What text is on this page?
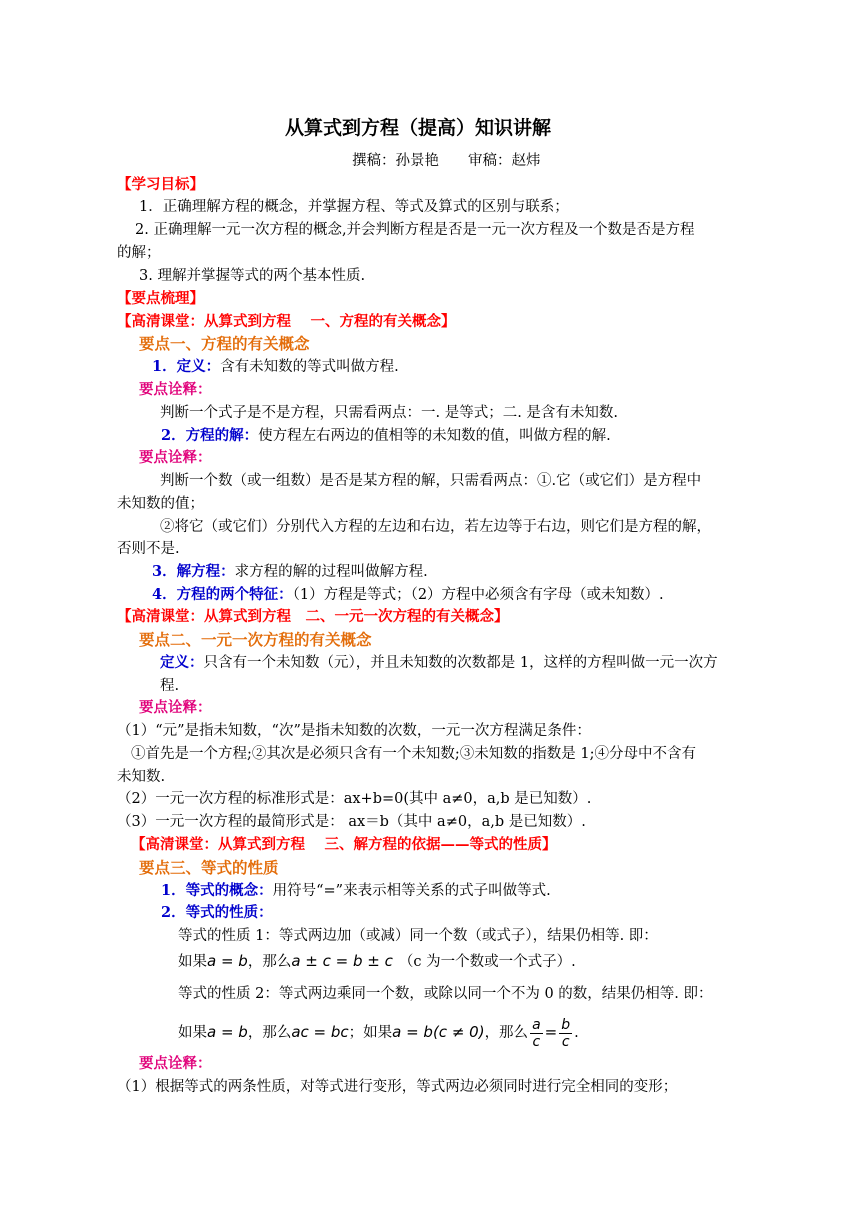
从算式到方程（提高）知识讲解
撰稿：孙景艳　　审稿：赵炜
【学习目标】
1．正确理解方程的概念，并掌握方程、等式及算式的区别与联系；
2. 正确理解一元一次方程的概念,并会判断方程是否是一元一次方程及一个数是否是方程
的解；
3. 理解并掌握等式的两个基本性质.
【要点梳理】
【高清课堂：从算式到方程　 一、方程的有关概念】
要点一、方程的有关概念
1．定义：含有未知数的等式叫做方程.
要点诠释：
判断一个式子是不是方程，只需看两点：一. 是等式；二. 是含有未知数.
2．方程的解：使方程左右两边的值相等的未知数的值，叫做方程的解.
要点诠释：
判断一个数（或一组数）是否是某方程的解，只需看两点：①.它（或它们）是方程中
未知数的值；
②将它（或它们）分别代入方程的左边和右边，若左边等于右边，则它们是方程的解，
否则不是.
3．解方程：求方程的解的过程叫做解方程.
4．方程的两个特征：（1）方程是等式；（2）方程中必须含有字母（或未知数）.
【高清课堂：从算式到方程　二、一元一次方程的有关概念】
要点二、一元一次方程的有关概念
定义：只含有一个未知数（元），并且未知数的次数都是 1，这样的方程叫做一元一次方
程.
要点诠释：
（1）“元”是指未知数，“次”是指未知数的次数，一元一次方程满足条件：
①首先是一个方程;②其次是必须只含有一个未知数;③未知数的指数是 1;④分母中不含有
未知数.
（2）一元一次方程的标准形式是：ax+b=0(其中 a≠0，a,b 是已知数）.
（3）一元一次方程的最简形式是： ax＝b（其中 a≠0，a,b 是已知数）.
【高清课堂：从算式到方程　 三、解方程的依据——等式的性质】
要点三、等式的性质
1．等式的概念：用符号“=”来表示相等关系的式子叫做等式.
2．等式的性质：
等式的性质 1：等式两边加（或减）同一个数（或式子），结果仍相等. 即：
如果a = b，那么a ± c = b ± c （c 为一个数或一个式子）.
等式的性质 2：等式两边乘同一个数，或除以同一个不为 0 的数，结果仍相等. 即：
如果a = b，那么ac = bc；如果a = b(c ≠ 0)，那么 $\frac{a}{c} = \frac{b}{c}$ .
要点诠释：
（1）根据等式的两条性质，对等式进行变形，等式两边必须同时进行完全相同的变形；
